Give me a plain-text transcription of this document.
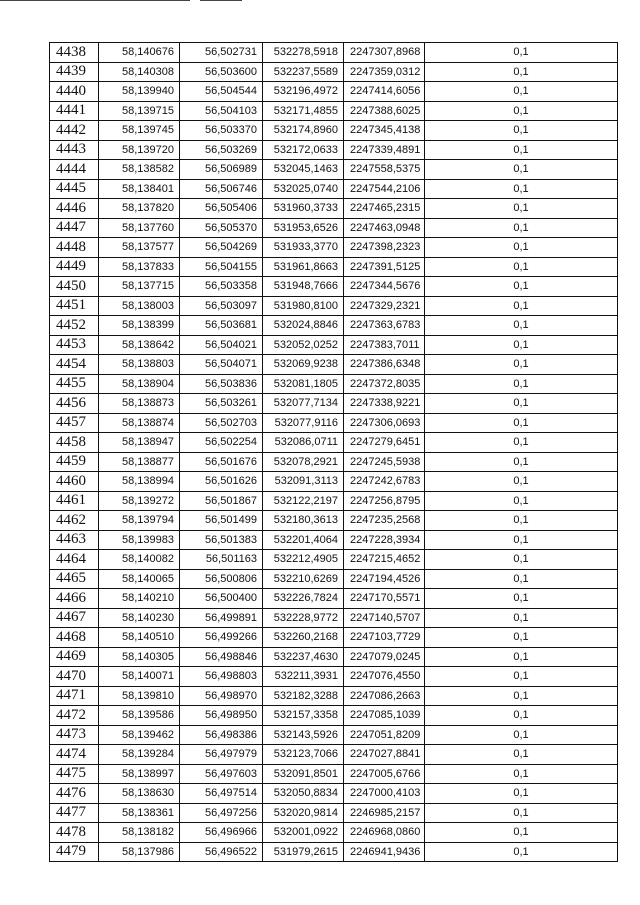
4438	58,140676	56,502731	532278,5918	2247307,8968	0,1
4439	58,140308	56,503600	532237,5589	2247359,0312	0,1
4440	58,139940	56,504544	532196,4972	2247414,6056	0,1
4441	58,139715	56,504103	532171,4855	2247388,6025	0,1
4442	58,139745	56,503370	532174,8960	2247345,4138	0,1
4443	58,139720	56,503269	532172,0633	2247339,4891	0,1
4444	58,138582	56,506989	532045,1463	2247558,5375	0,1
4445	58,138401	56,506746	532025,0740	2247544,2106	0,1
4446	58,137820	56,505406	531960,3733	2247465,2315	0,1
4447	58,137760	56,505370	531953,6526	2247463,0948	0,1
4448	58,137577	56,504269	531933,3770	2247398,2323	0,1
4449	58,137833	56,504155	531961,8663	2247391,5125	0,1
4450	58,137715	56,503358	531948,7666	2247344,5676	0,1
4451	58,138003	56,503097	531980,8100	2247329,2321	0,1
4452	58,138399	56,503681	532024,8846	2247363,6783	0,1
4453	58,138642	56,504021	532052,0252	2247383,7011	0,1
4454	58,138803	56,504071	532069,9238	2247386,6348	0,1
4455	58,138904	56,503836	532081,1805	2247372,8035	0,1
4456	58,138873	56,503261	532077,7134	2247338,9221	0,1
4457	58,138874	56,502703	532077,9116	2247306,0693	0,1
4458	58,138947	56,502254	532086,0711	2247279,6451	0,1
4459	58,138877	56,501676	532078,2921	2247245,5938	0,1
4460	58,138994	56,501626	532091,3113	2247242,6783	0,1
4461	58,139272	56,501867	532122,2197	2247256,8795	0,1
4462	58,139794	56,501499	532180,3613	2247235,2568	0,1
4463	58,139983	56,501383	532201,4064	2247228,3934	0,1
4464	58,140082	56,501163	532212,4905	2247215,4652	0,1
4465	58,140065	56,500806	532210,6269	2247194,4526	0,1
4466	58,140210	56,500400	532226,7824	2247170,5571	0,1
4467	58,140230	56,499891	532228,9772	2247140,5707	0,1
4468	58,140510	56,499266	532260,2168	2247103,7729	0,1
4469	58,140305	56,498846	532237,4630	2247079,0245	0,1
4470	58,140071	56,498803	532211,3931	2247076,4550	0,1
4471	58,139810	56,498970	532182,3288	2247086,2663	0,1
4472	58,139586	56,498950	532157,3358	2247085,1039	0,1
4473	58,139462	56,498386	532143,5926	2247051,8209	0,1
4474	58,139284	56,497979	532123,7066	2247027,8841	0,1
4475	58,138997	56,497603	532091,8501	2247005,6766	0,1
4476	58,138630	56,497514	532050,8834	2247000,4103	0,1
4477	58,138361	56,497256	532020,9814	2246985,2157	0,1
4478	58,138182	56,496966	532001,0922	2246968,0860	0,1
4479	58,137986	56,496522	531979,2615	2246941,9436	0,1
